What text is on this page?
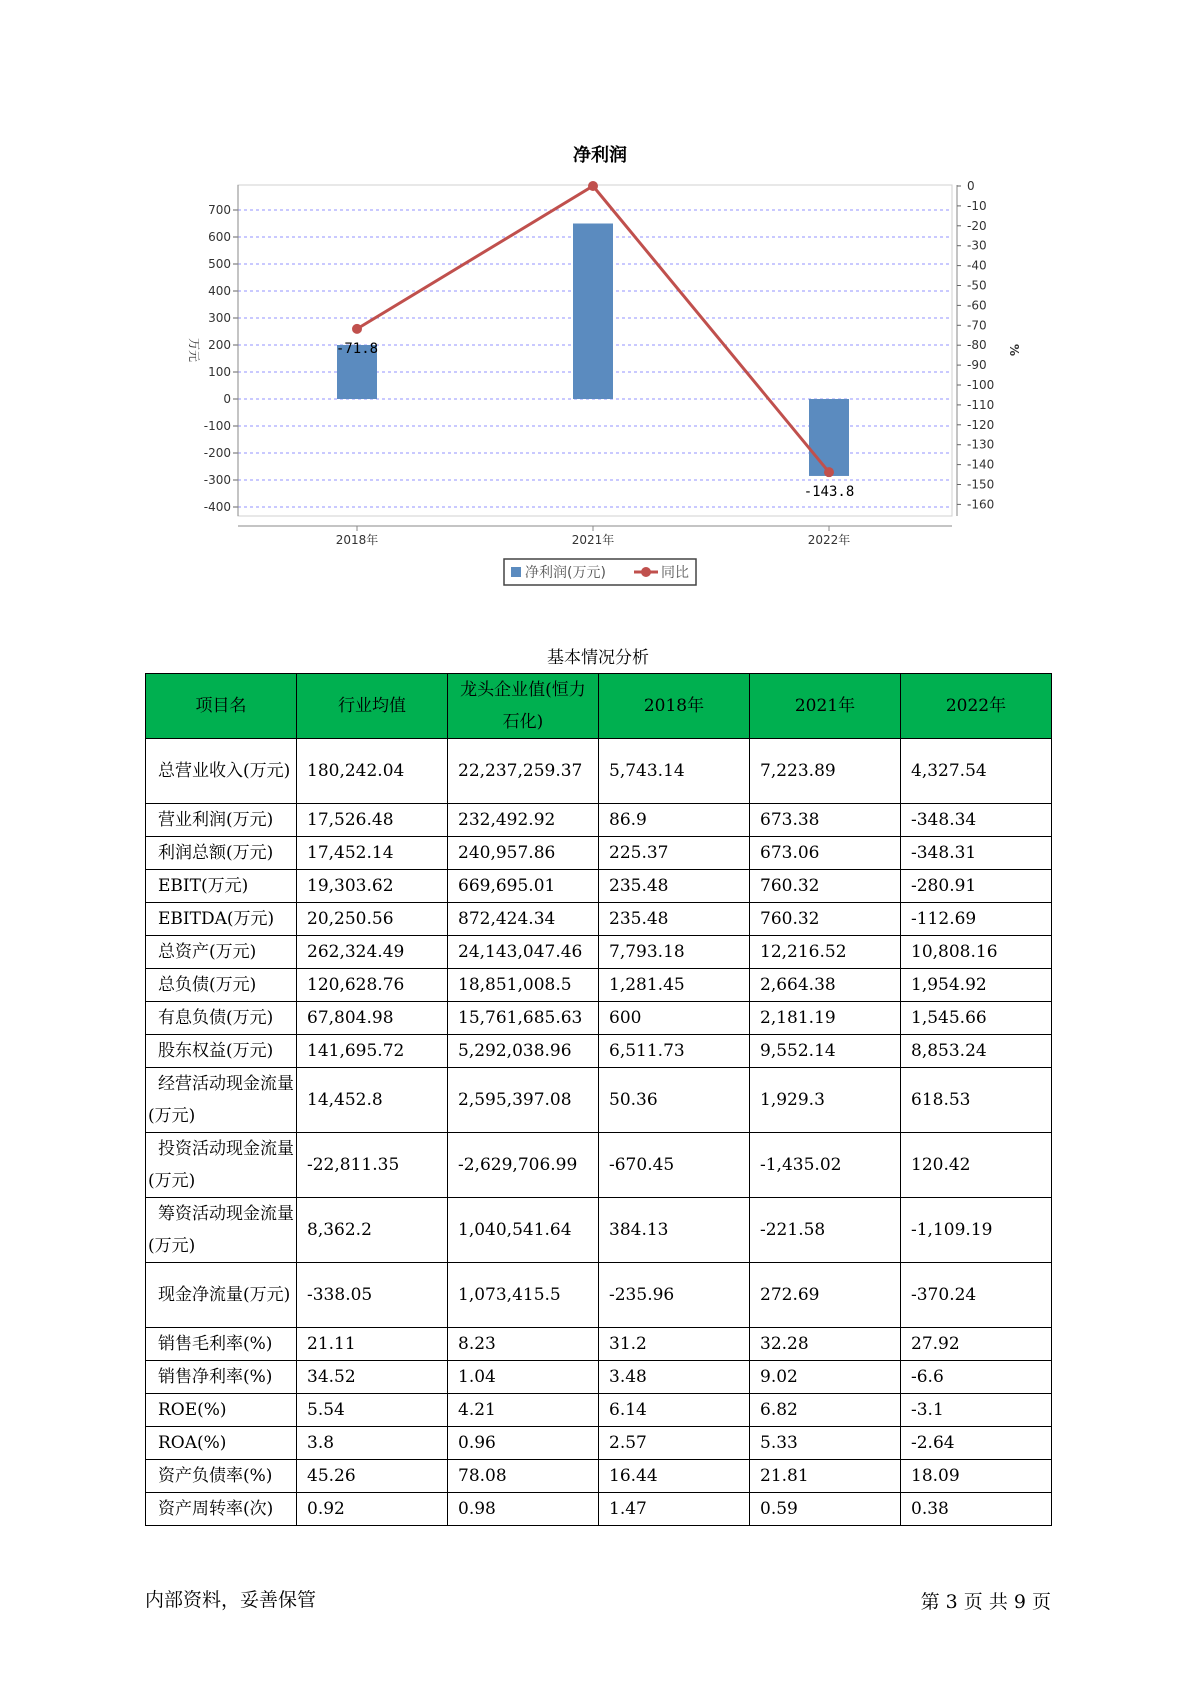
净利润
-400
-300
-200
-100
0
100
200
300
400
500
600
700
0
-10
-20
-30
-40
-50
-60
-70
-80
-90
-100
-110
-120
-130
-140
-150
-160
2018年	2021年	2022年
万元	%
-71.8
-143.8
净利润(万元)	同比
基本情况分析
项目名	行业均值	龙头企业值(恒力石化)	2018年	2021年	2022年
总营业收入(万元)	180,242.04	22,237,259.37	5,743.14	7,223.89	4,327.54
营业利润(万元)	17,526.48	232,492.92	86.9	673.38	-348.34
利润总额(万元)	17,452.14	240,957.86	225.37	673.06	-348.31
EBIT(万元)	19,303.62	669,695.01	235.48	760.32	-280.91
EBITDA(万元)	20,250.56	872,424.34	235.48	760.32	-112.69
总资产(万元)	262,324.49	24,143,047.46	7,793.18	12,216.52	10,808.16
总负债(万元)	120,628.76	18,851,008.5	1,281.45	2,664.38	1,954.92
有息负债(万元)	67,804.98	15,761,685.63	600	2,181.19	1,545.66
股东权益(万元)	141,695.72	5,292,038.96	6,511.73	9,552.14	8,853.24
经营活动现金流量(万元)	14,452.8	2,595,397.08	50.36	1,929.3	618.53
投资活动现金流量(万元)	-22,811.35	-2,629,706.99	-670.45	-1,435.02	120.42
筹资活动现金流量(万元)	8,362.2	1,040,541.64	384.13	-221.58	-1,109.19
现金净流量(万元)	-338.05	1,073,415.5	-235.96	272.69	-370.24
销售毛利率(%)	21.11	8.23	31.2	32.28	27.92
销售净利率(%)	34.52	1.04	3.48	9.02	-6.6
ROE(%)	5.54	4.21	6.14	6.82	-3.1
ROA(%)	3.8	0.96	2.57	5.33	-2.64
资产负债率(%)	45.26	78.08	16.44	21.81	18.09
资产周转率(次)	0.92	0.98	1.47	0.59	0.38
内部资料，妥善保管	第 3 页 共 9 页
